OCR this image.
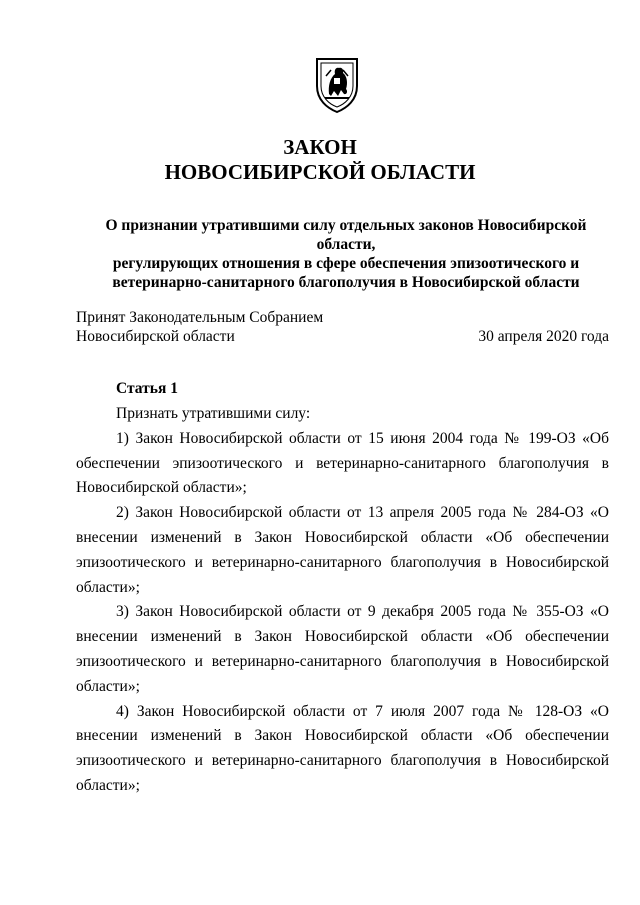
ЗАКОН
НОВОСИБИРСКОЙ ОБЛАСТИ
О признании утратившими силу отдельных законов Новосибирской области,
регулирующих отношения в сфере обеспечения эпизоотического и
ветеринарно-санитарного благополучия в Новосибирской области
Принят Законодательным Собранием
Новосибирской области	30 апреля 2020 года
Статья 1

Признать утратившими силу:

1) Закон Новосибирской области от 15 июня 2004 года № 199-ОЗ «Об обеспечении эпизоотического и ветеринарно-санитарного благополучия в Новосибирской области»;

2) Закон Новосибирской области от 13 апреля 2005 года № 284-ОЗ «О внесении изменений в Закон Новосибирской области «Об обеспечении эпизоотического и ветеринарно-санитарного благополучия в Новосибирской области»;

3) Закон Новосибирской области от 9 декабря 2005 года № 355-ОЗ «О внесении изменений в Закон Новосибирской области «Об обеспечении эпизоотического и ветеринарно-санитарного благополучия в Новосибирской области»;

4) Закон Новосибирской области от 7 июля 2007 года № 128-ОЗ «О внесении изменений в Закон Новосибирской области «Об обеспечении эпизоотического и ветеринарно-санитарного благополучия в Новосибирской области»;
